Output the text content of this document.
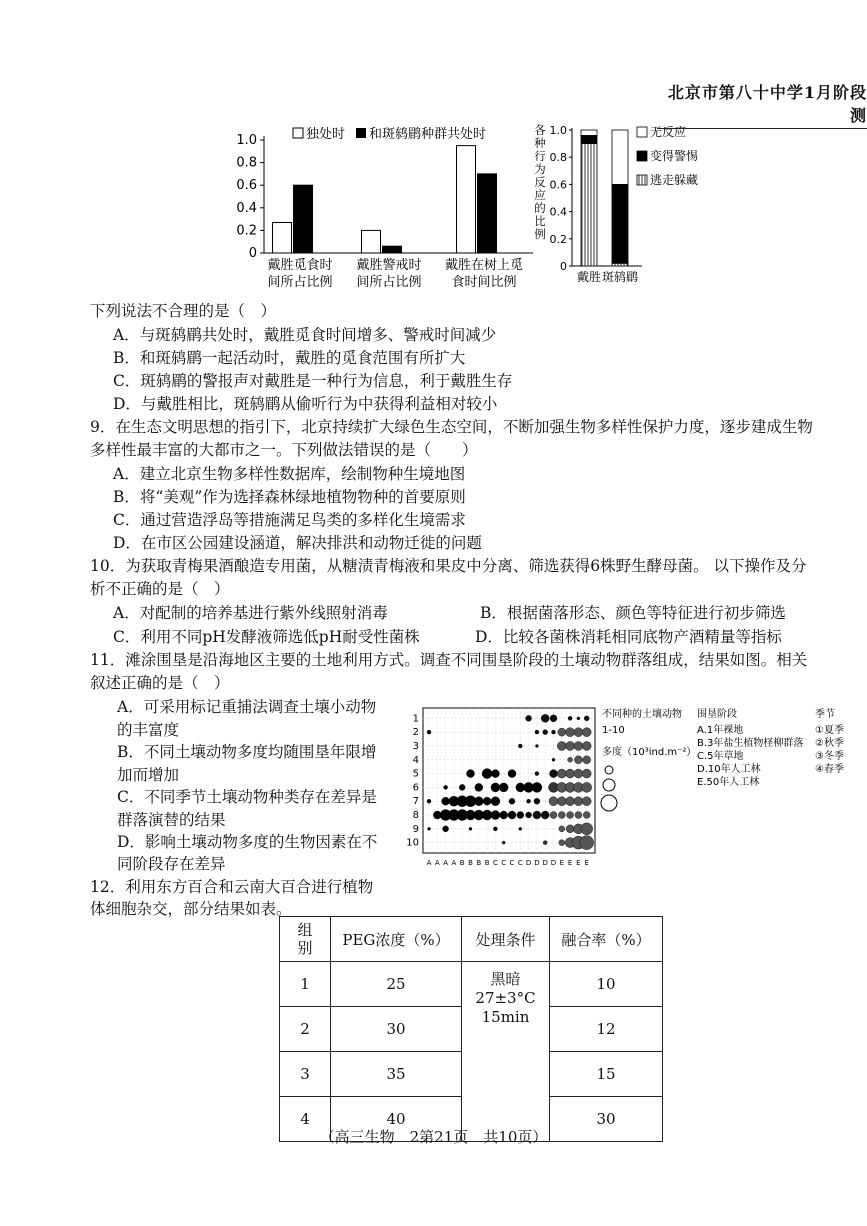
北京市第八十中学1月阶段测
独处时 和斑鸫鹛种群共处时
1.0
0.8
0.6
0.4
0.2
0
戴胜觅食时
间所占比例
戴胜警戒时
间所占比例
戴胜在树上觅
食时间比例
各
种
行
为
反
应
的
比
例
1.0
0.8
0.6
0.4
0.2
0
戴胜 斑鸫鹛
无反应
变得警惕
逃走躲藏
下列说法不合理的是（　）
A．与斑鸫鹛共处时，戴胜觅食时间增多、警戒时间减少
B．和斑鸫鹛一起活动时，戴胜的觅食范围有所扩大
C．斑鸫鹛的警报声对戴胜是一种行为信息，利于戴胜生存
D．与戴胜相比，斑鸫鹛从偷听行为中获得利益相对较小
9．在生态文明思想的指引下，北京持续扩大绿色生态空间，不断加强生物多样性保护力度，逐步建成生物
多样性最丰富的大都市之一。下列做法错误的是（　　）
A．建立北京生物多样性数据库，绘制物种生境地图
B．将“美观”作为选择森林绿地植物物种的首要原则
C．通过营造浮岛等措施满足鸟类的多样化生境需求
D．在市区公园建设涵道，解决排洪和动物迁徙的问题
10．为获取青梅果酒酿造专用菌，从糖渍青梅液和果皮中分离、筛选获得6株野生酵母菌。 以下操作及分
析不正确的是（　）
A．对配制的培养基进行紫外线照射消毒	B．根据菌落形态、颜色等特征进行初步筛选
C．利用不同pH发酵液筛选低pH耐受性菌株	D．比较各菌株消耗相同底物产酒精量等指标
11．滩涂围垦是沿海地区主要的土地利用方式。调查不同围垦阶段的土壤动物群落组成，结果如图。相关
叙述正确的是（　）
A．可采用标记重捕法调查土壤小动物
的丰富度
B．不同土壤动物多度均随围垦年限增
加而增加
C．不同季节土壤动物种类存在差异是
群落演替的结果
D．影响土壤动物多度的生物因素在不
同阶段存在差异
1
2
3
4
5
6
7
8
9
10
A A A A B B B B C C C C D D D D E E E E
不同种的土壤动物
1-10
多度（10³ind.m⁻²）
围垦阶段
A.1年裸地
B.3年盐生植物柽柳群落
C.5年草地
D.10年人工林
E.50年人工林
季节
①夏季
②秋季
③冬季
④春季
12．利用东方百合和云南大百合进行植物
体细胞杂交，部分结果如表。
组别	PEG浓度（%）	处理条件	融合率（%）
1	25	黑暗
27±3°C
15min	10
2	30		12
3	35		15
4	40		30
（高三生物　2第21页　共10页）
